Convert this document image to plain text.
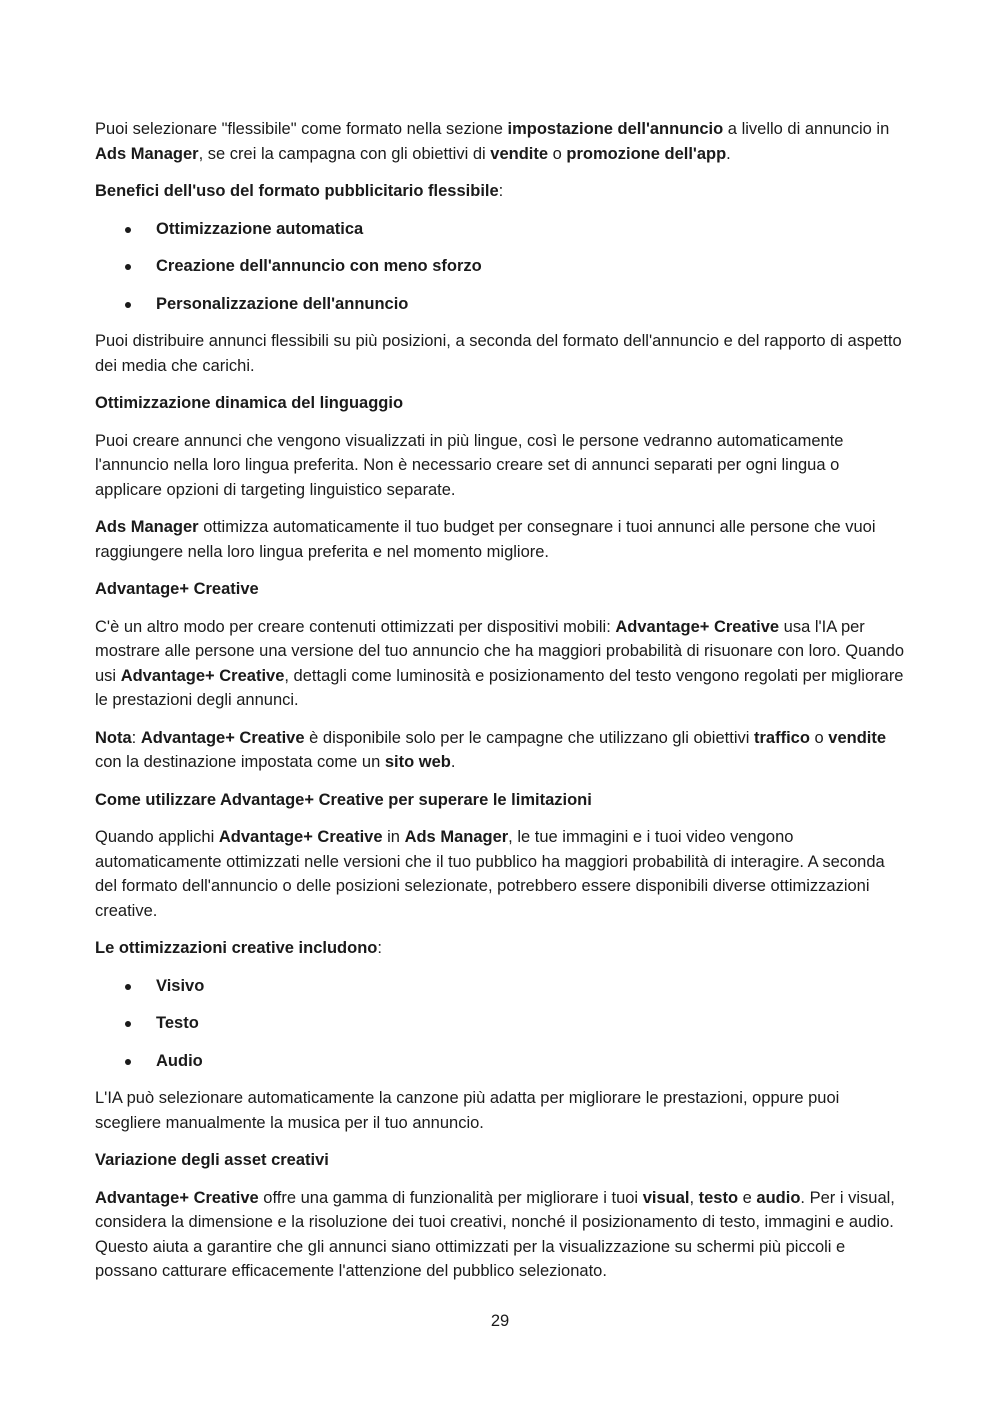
Puoi selezionare "flessibile" come formato nella sezione impostazione dell'annuncio a livello di annuncio in Ads Manager, se crei la campagna con gli obiettivi di vendite o promozione dell'app.

Benefici dell'uso del formato pubblicitario flessibile:

Ottimizzazione automatica
Creazione dell'annuncio con meno sforzo
Personalizzazione dell'annuncio

Puoi distribuire annunci flessibili su più posizioni, a seconda del formato dell'annuncio e del rapporto di aspetto dei media che carichi.

Ottimizzazione dinamica del linguaggio

Puoi creare annunci che vengono visualizzati in più lingue, così le persone vedranno automaticamente l'annuncio nella loro lingua preferita. Non è necessario creare set di annunci separati per ogni lingua o applicare opzioni di targeting linguistico separate.

Ads Manager ottimizza automaticamente il tuo budget per consegnare i tuoi annunci alle persone che vuoi raggiungere nella loro lingua preferita e nel momento migliore.

Advantage+ Creative

C'è un altro modo per creare contenuti ottimizzati per dispositivi mobili: Advantage+ Creative usa l'IA per mostrare alle persone una versione del tuo annuncio che ha maggiori probabilità di risuonare con loro. Quando usi Advantage+ Creative, dettagli come luminosità e posizionamento del testo vengono regolati per migliorare le prestazioni degli annunci.

Nota: Advantage+ Creative è disponibile solo per le campagne che utilizzano gli obiettivi traffico o vendite con la destinazione impostata come un sito web.

Come utilizzare Advantage+ Creative per superare le limitazioni

Quando applichi Advantage+ Creative in Ads Manager, le tue immagini e i tuoi video vengono automaticamente ottimizzati nelle versioni che il tuo pubblico ha maggiori probabilità di interagire. A seconda del formato dell'annuncio o delle posizioni selezionate, potrebbero essere disponibili diverse ottimizzazioni creative.

Le ottimizzazioni creative includono:

Visivo
Testo
Audio

L'IA può selezionare automaticamente la canzone più adatta per migliorare le prestazioni, oppure puoi scegliere manualmente la musica per il tuo annuncio.

Variazione degli asset creativi

Advantage+ Creative offre una gamma di funzionalità per migliorare i tuoi visual, testo e audio. Per i visual, considera la dimensione e la risoluzione dei tuoi creativi, nonché il posizionamento di testo, immagini e audio. Questo aiuta a garantire che gli annunci siano ottimizzati per la visualizzazione su schermi più piccoli e possano catturare efficacemente l'attenzione del pubblico selezionato.

29
